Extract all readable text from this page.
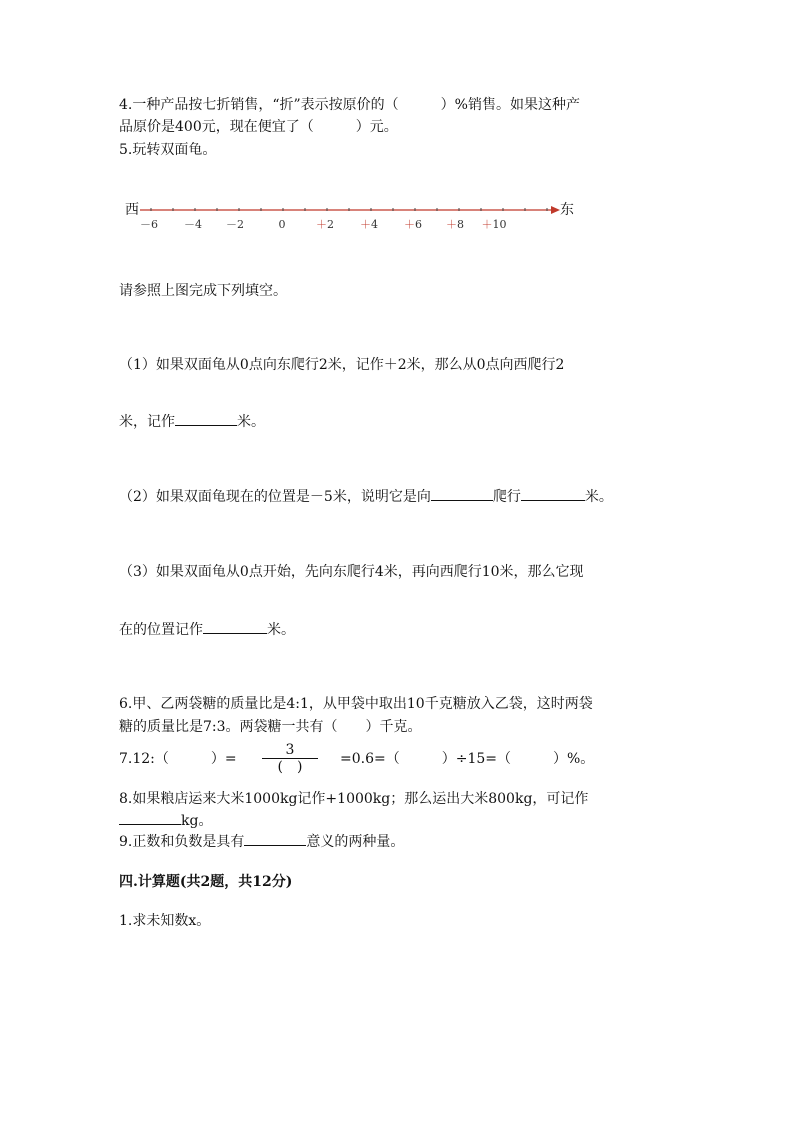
4.一种产品按七折销售，“折”表示按原价的（　　　）%销售。如果这种产
品原价是400元，现在便宜了（　　　）元。
5.玩转双面龟。
西	东
－6 －4 －2	0	＋2 ＋4 ＋6 ＋8 ＋10
请参照上图完成下列填空。
（1）如果双面龟从0点向东爬行2米，记作＋2米，那么从0点向西爬行2
米，记作	米。
（2）如果双面龟现在的位置是－5米，说明它是向	爬行	米。
（3）如果双面龟从0点开始，先向东爬行4米，再向西爬行10米，那么它现
在的位置记作	米。
6.甲、乙两袋糖的质量比是4:1，从甲袋中取出10千克糖放入乙袋，这时两袋
糖的质量比是7:3。两袋糖一共有（　　）千克。
7.12:（　　　）=
3
(　)	=0.6=（　　　）÷15=（　　　）%。
8.如果粮店运来大米1000kg记作+1000kg；那么运出大米800kg，可记作
kg。
9.正数和负数是具有	意义的两种量。
四.计算题(共2题，共12分)
1.求未知数x。
